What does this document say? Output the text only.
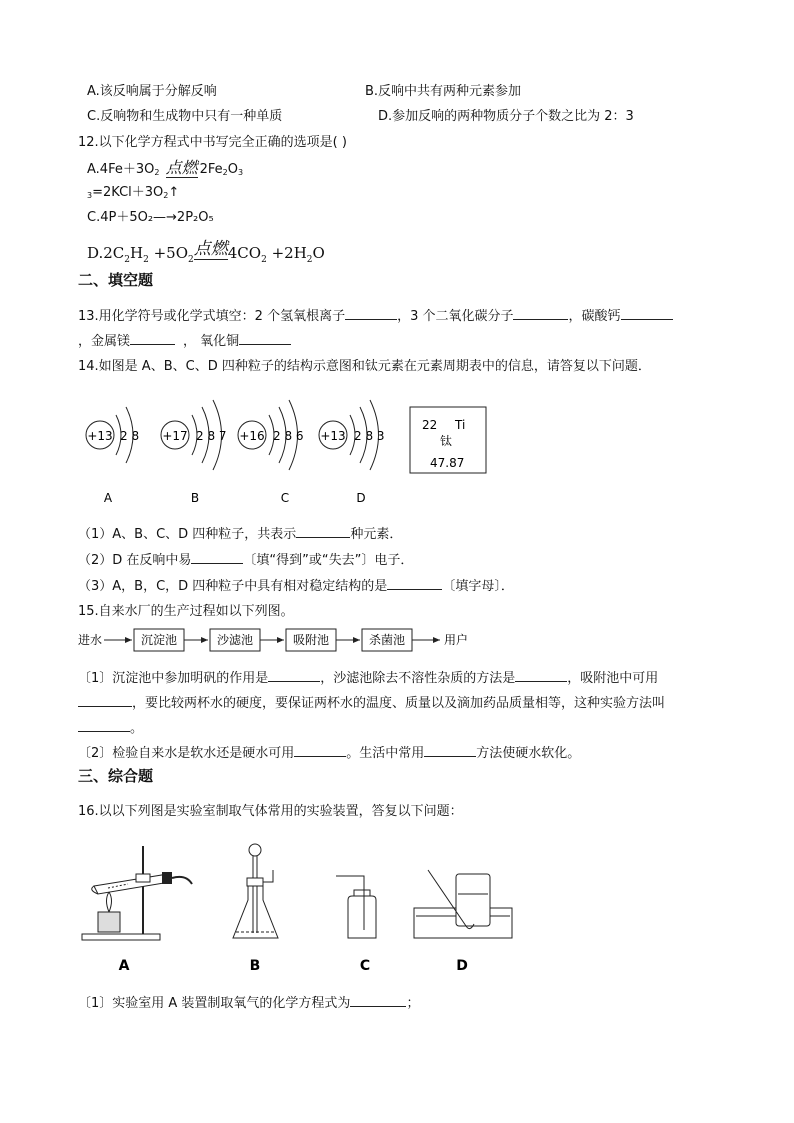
A.该反响属于分解反响	B.反响中共有两种元素参加
C.反响物和生成物中只有一种单质	D.参加反响的两种物质分子个数之比为 2：3
12.以下化学方程式中书写完全正确的选项是( )
A.4Fe＋3O2 点燃 2Fe2O3
3=2KCl＋3O2↑
C.4P＋5O₂—→2P₂O₅
$D.2C_2H_2 +5O_2$点燃$4CO_2 +2H_2O$
二、填空题
13.用化学符号或化学式填空：2 个氢氧根离子	，3 个二氧化碳分子	，碳酸钙
，金属镁	， 氧化铜
14.如图是 A、B、C、D 四种粒子的结构示意图和钛元素在元素周期表中的信息，请答复以下问题．
+13 2 8
A
+17 2 8 7
B
+16 2 8 6
C
+13 2 8 3
D
22 Ti
钛
47.87
（1）A、B、C、D 四种粒子，共表示	种元素．
（2）D 在反响中易	〔填“得到”或“失去”〕电子．
（3）A，B，C，D 四种粒子中具有相对稳定结构的是	〔填字母〕．
15.自来水厂的生产过程如以下列图。
进水	沉淀池	沙滤池	吸附池	杀菌池	用户
〔1〕沉淀池中参加明矾的作用是	，沙滤池除去不溶性杂质的方法是	，吸附池中可用
，要比较两杯水的硬度，要保证两杯水的温度、质量以及滴加药品质量相等，这种实验方法叫
。
〔2〕检验自来水是软水还是硬水可用	。生活中常用	方法使硬水软化。
三、综合题
16.以以下列图是实验室制取气体常用的实验装置，答复以下问题：
A	B	C	D
〔1〕实验室用 A 装置制取氧气的化学方程式为	；
